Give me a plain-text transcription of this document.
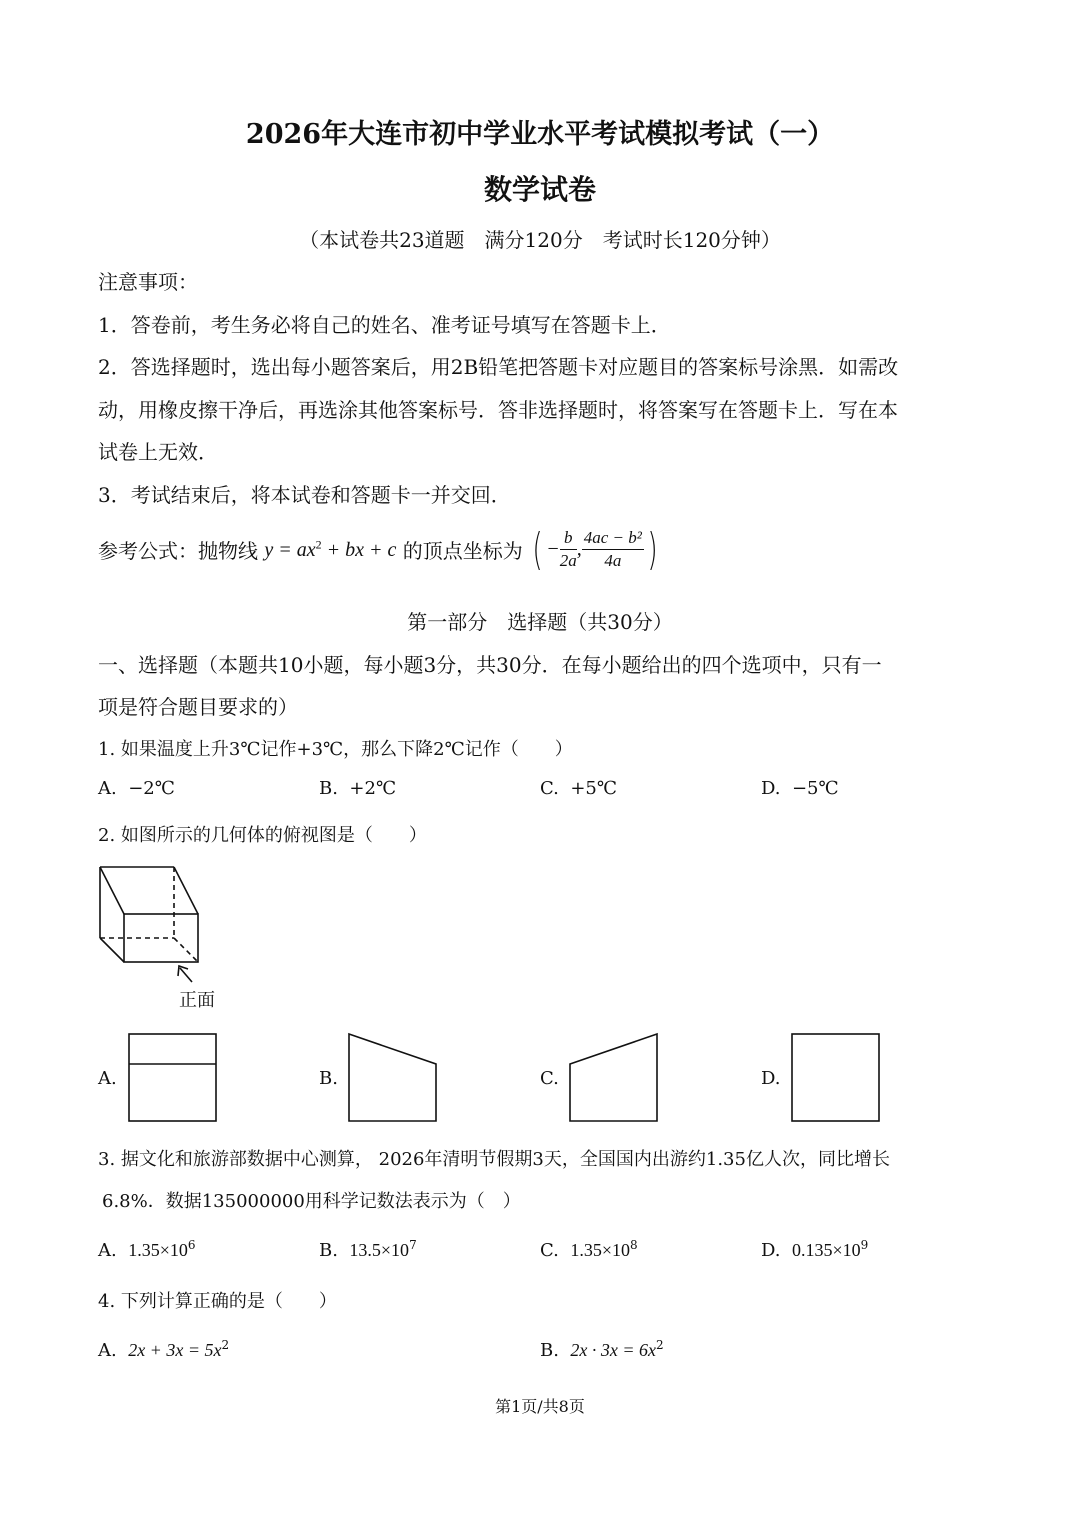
2026年大连市初中学业水平考试模拟考试（一）
数学试卷
（本试卷共23道题　满分120分　考试时长120分钟）
注意事项：
1．答卷前，考生务必将自己的姓名、准考证号填写在答题卡上．
2．答选择题时，选出每小题答案后，用2B铅笔把答题卡对应题目的答案标号涂黑．如需改
动，用橡皮擦干净后，再选涂其他答案标号．答非选择题时，将答案写在答题卡上．写在本
试卷上无效．
3．考试结束后，将本试卷和答题卡一并交回．
参考公式：抛物线 $y = ax^2$ + bx + c 的顶点坐标为 ( − $\frac{b}{2a}$ , $\frac{\text{4ac − b²}}{4a}$ )
第一部分　选择题（共30分）
一、选择题（本题共10小题，每小题3分，共30分．在每小题给出的四个选项中，只有一
项是符合题目要求的）
1. 如果温度上升3℃记作+3℃，那么下降2℃记作（　　）
A. −2℃	B. +2℃	C. +5℃	D. −5℃
2. 如图所示的几何体的俯视图是（　　）
正面
A.	B.	C.	D.
3. 据文化和旅游部数据中心测算， 2026年清明节假期3天，全国国内出游约1.35亿人次，同比增长
6.8%．数据135000000用科学记数法表示为（　）
A. $1.35\times 10^6$	B. $13.5\times 10^7$	C. $1.35\times 10^8$	D. $0.135\times 10^9$
4. 下列计算正确的是（　　）
A. $2x + 3x = 5x^2$	B. $2x \cdot 3x = 6x^2$
第1页/共8页
